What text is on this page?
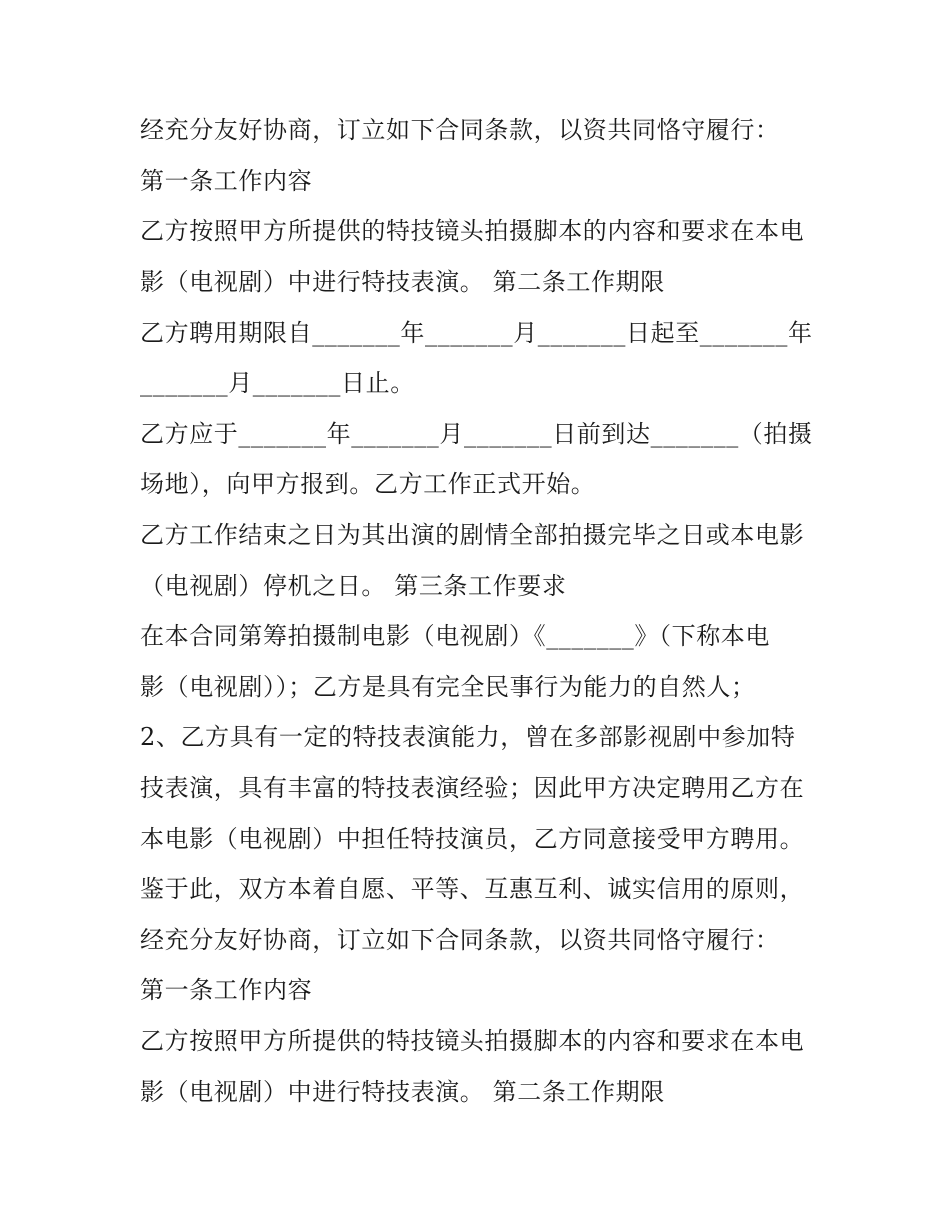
经充分友好协商，订立如下合同条款，以资共同恪守履行：
第一条工作内容
乙方按照甲方所提供的特技镜头拍摄脚本的内容和要求在本电
影（电视剧）中进行特技表演。 第二条工作期限
乙方聘用期限自_______年_______月_______日起至_______年
_______月_______日止。
乙方应于_______年_______月_______日前到达_______（拍摄
场地），向甲方报到。乙方工作正式开始。
乙方工作结束之日为其出演的剧情全部拍摄完毕之日或本电影
（电视剧）停机之日。 第三条工作要求
在本合同第筹拍摄制电影（电视剧）《_______》（下称本电
影（电视剧））；乙方是具有完全民事行为能力的自然人；
2、乙方具有一定的特技表演能力，曾在多部影视剧中参加特
技表演，具有丰富的特技表演经验；因此甲方决定聘用乙方在
本电影（电视剧）中担任特技演员，乙方同意接受甲方聘用。
鉴于此，双方本着自愿、平等、互惠互利、诚实信用的原则，
经充分友好协商，订立如下合同条款，以资共同恪守履行：
第一条工作内容
乙方按照甲方所提供的特技镜头拍摄脚本的内容和要求在本电
影（电视剧）中进行特技表演。 第二条工作期限
